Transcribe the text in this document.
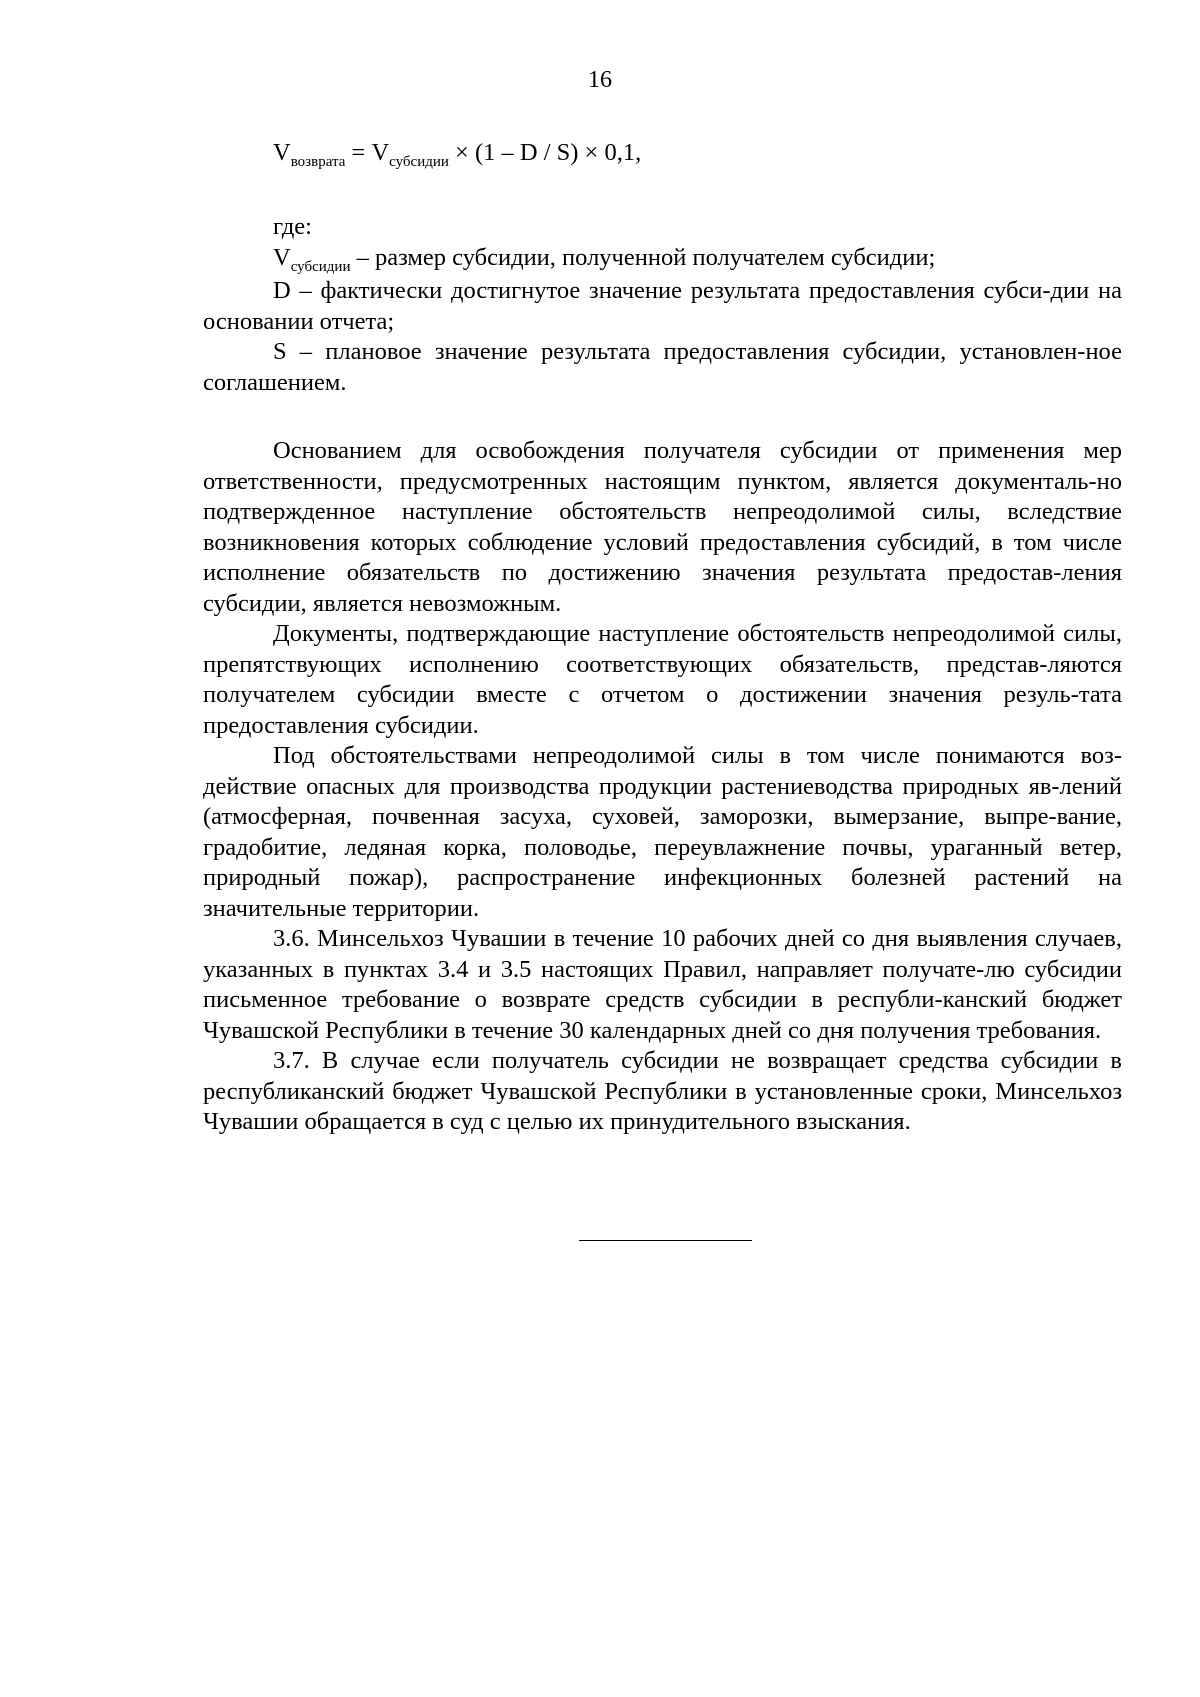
16
$V_{возврата} = V_{субсидии} \times (1 - D / S) \times 0,1$,

где:

$V_{субсидии}$ – размер субсидии, полученной получателем субсидии;

D – фактически достигнутое значение результата предоставления субси-дии на основании отчета;

S – плановое значение результата предоставления субсидии, установлен-ное соглашением.

Основанием для освобождения получателя субсидии от применения мер ответственности, предусмотренных настоящим пунктом, является документаль-но подтвержденное наступление обстоятельств непреодолимой силы, вследствие возникновения которых соблюдение условий предоставления субсидий, в том числе исполнение обязательств по достижению значения результата предостав-ления субсидии, является невозможным.

Документы, подтверждающие наступление обстоятельств непреодолимой силы, препятствующих исполнению соответствующих обязательств, представ-ляются получателем субсидии вместе с отчетом о достижении значения резуль-тата предоставления субсидии.

Под обстоятельствами непреодолимой силы в том числе понимаются воз-действие опасных для производства продукции растениеводства природных яв-лений (атмосферная, почвенная засуха, суховей, заморозки, вымерзание, выпре-вание, градобитие, ледяная корка, половодье, переувлажнение почвы, ураганный ветер, природный пожар), распространение инфекционных болезней растений на значительные территории.

3.6. Минсельхоз Чувашии в течение 10 рабочих дней со дня выявления случаев, указанных в пунктах 3.4 и 3.5 настоящих Правил, направляет получате-лю субсидии письменное требование о возврате средств субсидии в республи-канский бюджет Чувашской Республики в течение 30 календарных дней со дня получения требования.

3.7. В случае если получатель субсидии не возвращает средства субсидии в республиканский бюджет Чувашской Республики в установленные сроки, Минсельхоз Чувашии обращается в суд с целью их принудительного взыскания.
